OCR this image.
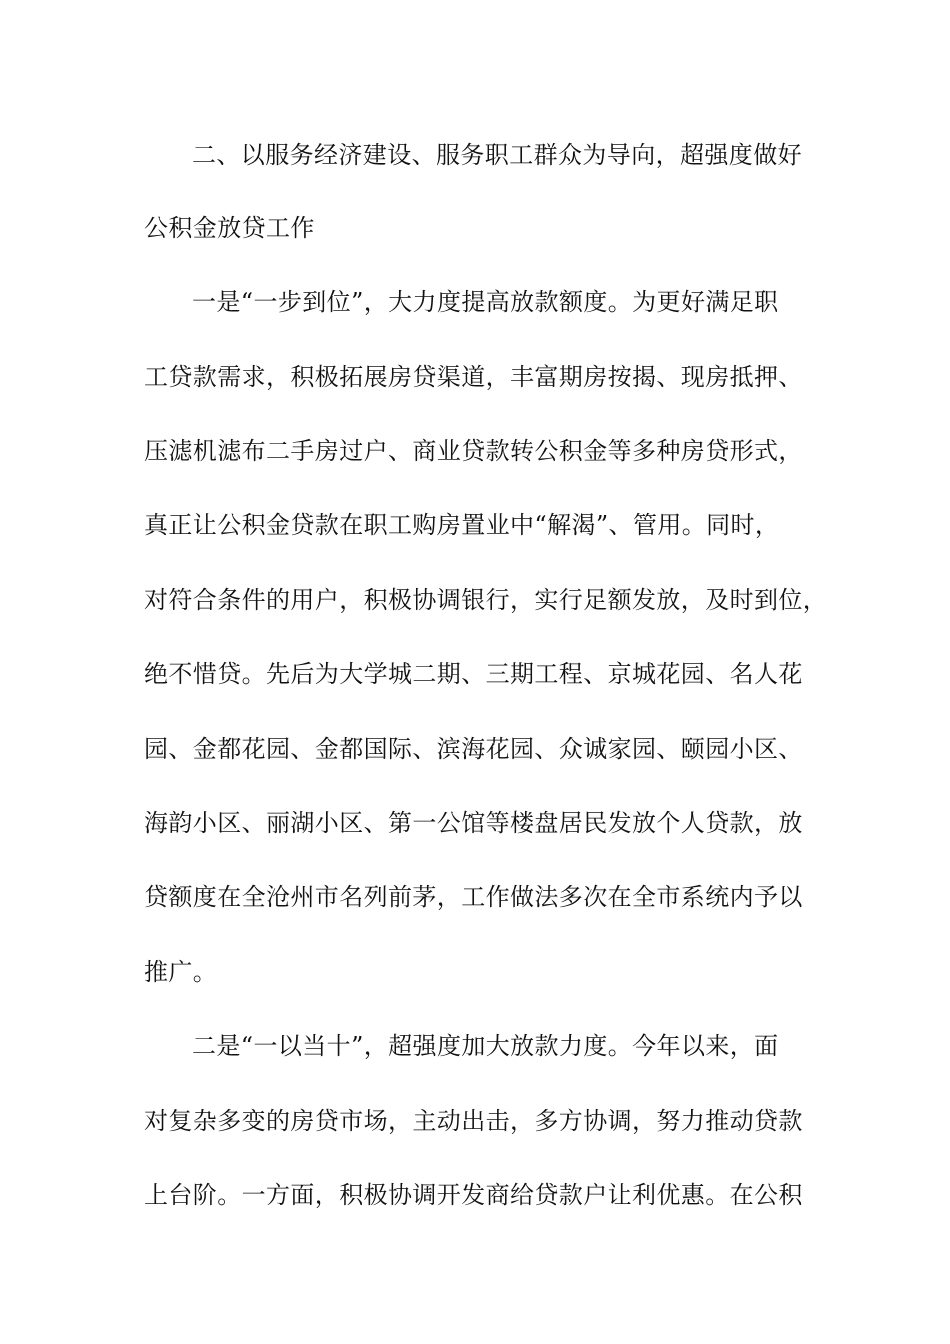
二、以服务经济建设、服务职工群众为导向，超强度做好
公积金放贷工作
一是“一步到位”，大力度提高放款额度。为更好满足职
工贷款需求，积极拓展房贷渠道，丰富期房按揭、现房抵押、
压滤机滤布二手房过户、商业贷款转公积金等多种房贷形式，
真正让公积金贷款在职工购房置业中“解渴”、管用。同时，
对符合条件的用户，积极协调银行，实行足额发放，及时到位，
绝不惜贷。先后为大学城二期、三期工程、京城花园、名人花
园、金都花园、金都国际、滨海花园、众诚家园、颐园小区、
海韵小区、丽湖小区、第一公馆等楼盘居民发放个人贷款，放
贷额度在全沧州市名列前茅，工作做法多次在全市系统内予以
推广。
二是“一以当十”，超强度加大放款力度。今年以来，面
对复杂多变的房贷市场，主动出击，多方协调，努力推动贷款
上台阶。一方面，积极协调开发商给贷款户让利优惠。在公积
